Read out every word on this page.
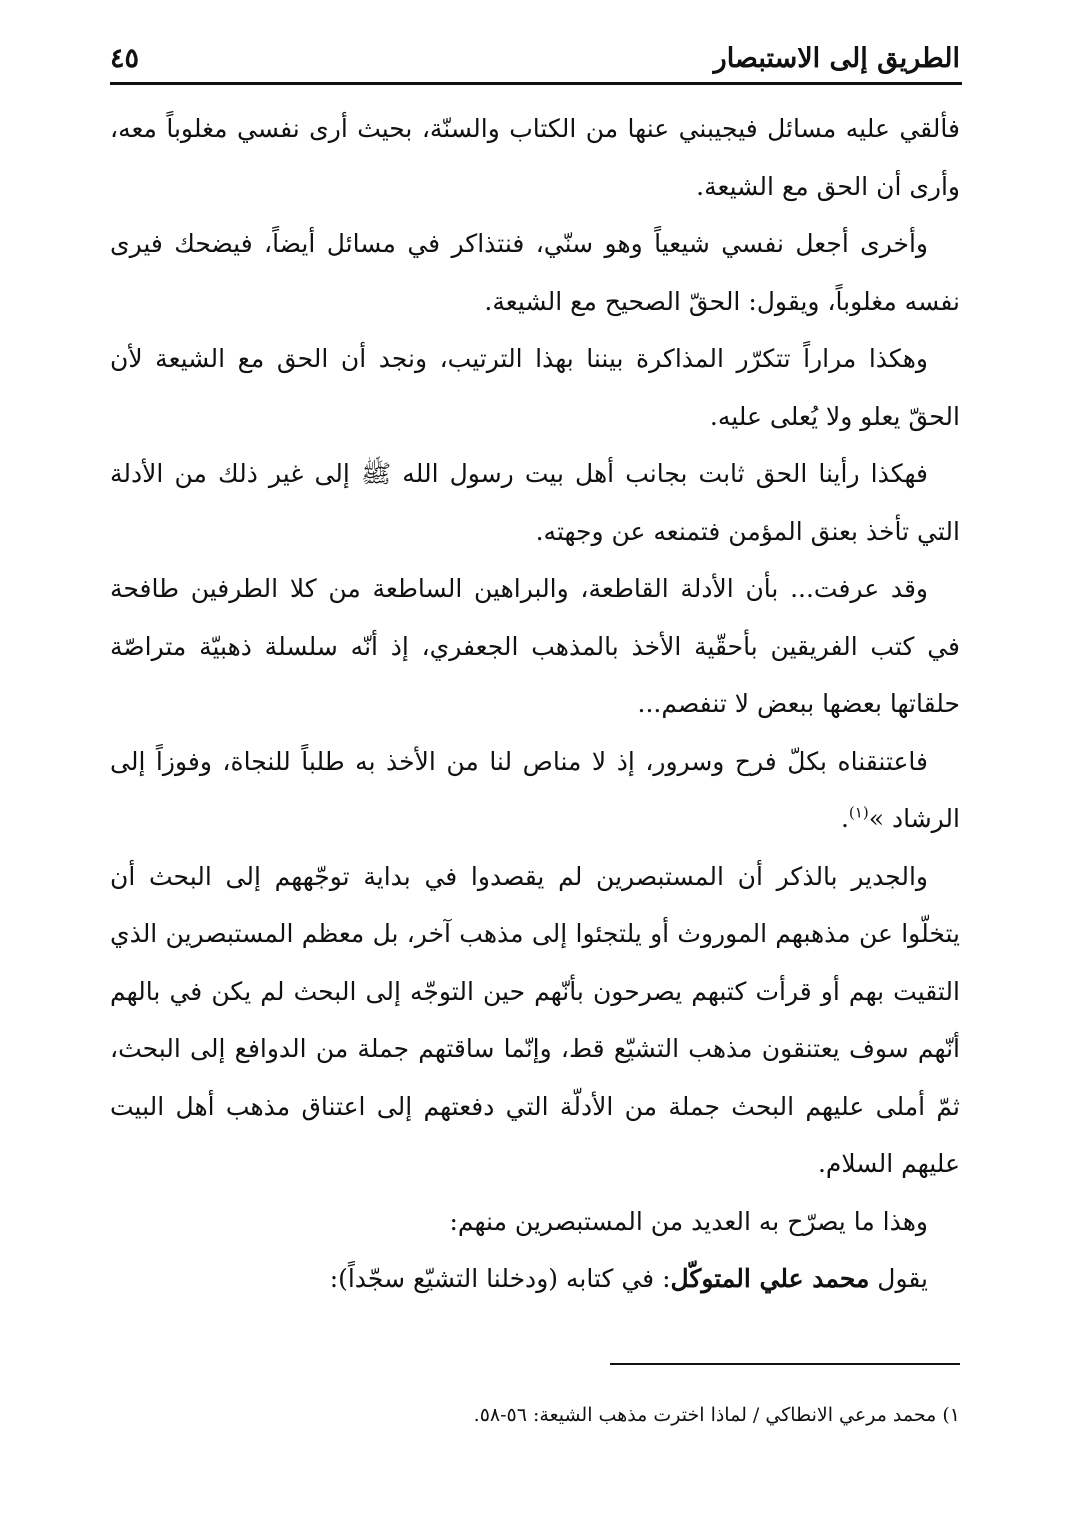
الطريق إلى الاستبصار
٤٥

فألقي عليه مسائل فيجيبني عنها من الكتاب والسنّة، بحيث أرى نفسي مغلوباً معه، وأرى أن الحق مع الشيعة.

وأخرى أجعل نفسي شيعياً وهو سنّي، فنتذاكر في مسائل أيضاً، فيضحك فيرى نفسه مغلوباً، ويقول: الحقّ الصحيح مع الشيعة.

وهكذا مراراً تتكرّر المذاكرة بيننا بهذا الترتيب، ونجد أن الحق مع الشيعة لأن الحقّ يعلو ولا يُعلى عليه.

فهكذا رأينا الحق ثابت بجانب أهل بيت رسول الله ﷺ إلى غير ذلك من الأدلة التي تأخذ بعنق المؤمن فتمنعه عن وجهته.

وقد عرفت... بأن الأدلة القاطعة، والبراهين الساطعة من كلا الطرفين طافحة في كتب الفريقين بأحقّية الأخذ بالمذهب الجعفري، إذ أنّه سلسلة ذهبيّة متراصّة حلقاتها بعضها ببعض لا تنفصم...

فاعتنقناه بكلّ فرح وسرور، إذ لا مناص لنا من الأخذ به طلباً للنجاة، وفوزاً إلى الرشاد »$^{(١)}$.

والجدير بالذكر أن المستبصرين لم يقصدوا في بداية توجّههم إلى البحث أن يتخلّوا عن مذهبهم الموروث أو يلتجئوا إلى مذهب آخر، بل معظم المستبصرين الذي التقيت بهم أو قرأت كتبهم يصرحون بأنّهم حين التوجّه إلى البحث لم يكن في بالهم أنّهم سوف يعتنقون مذهب التشيّع قط، وإنّما ساقتهم جملة من الدوافع إلى البحث، ثمّ أملى عليهم البحث جملة من الأدلّة التي دفعتهم إلى اعتناق مذهب أهل البيت عليهم السلام.

وهذا ما يصرّح به العديد من المستبصرين منهم:

يقول محمد علي المتوكّل: في كتابه (ودخلنا التشيّع سجّداً):

١) محمد مرعي الانطاكي / لماذا اخترت مذهب الشيعة: ٥٦-٥٨.
